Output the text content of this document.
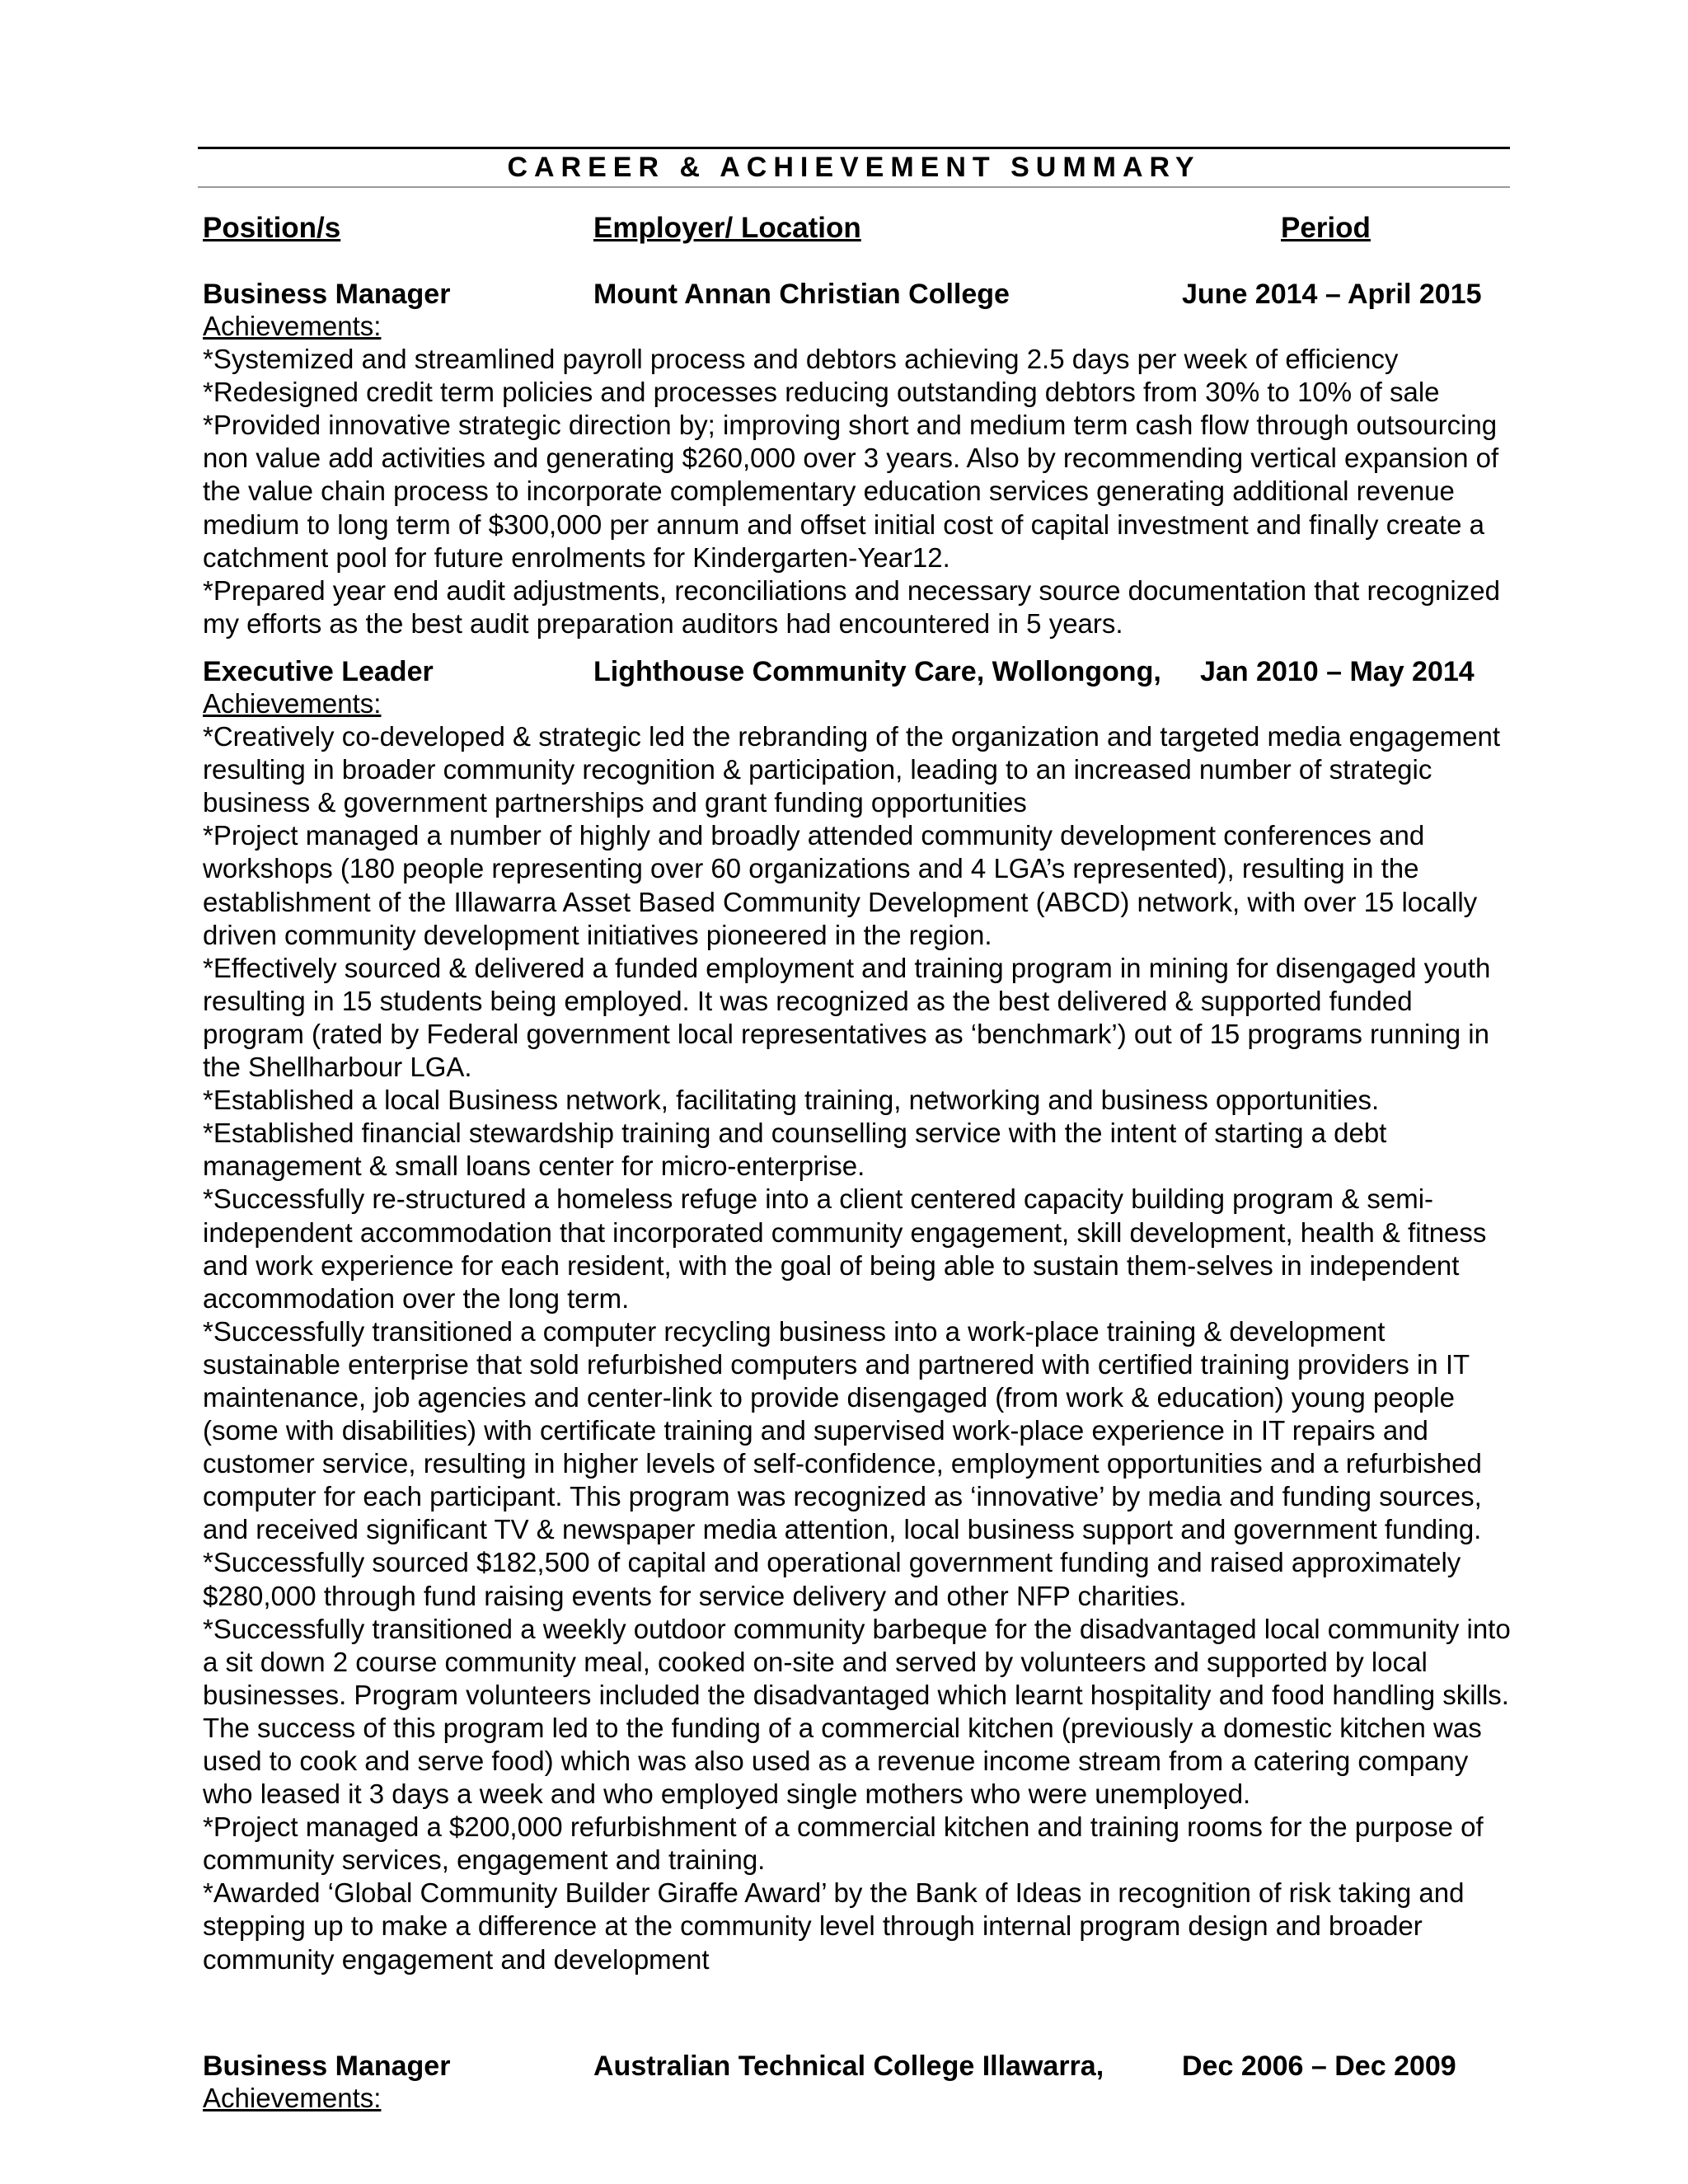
CAREER & ACHIEVEMENT SUMMARY
Position/s	Employer/ Location	Period
Business Manager	Mount Annan Christian College	June 2014 – April 2015
Achievements:

*Systemized and streamlined payroll process and debtors achieving 2.5 days per week of efficiency

*Redesigned credit term policies and processes reducing outstanding debtors from 30% to 10% of sale

*Provided innovative strategic direction by; improving short and medium term cash flow through outsourcing non value add activities and generating $260,000 over 3 years. Also by recommending vertical expansion of the value chain process to incorporate complementary education services generating additional revenue medium to long term of $300,000 per annum and offset initial cost of capital investment and finally create a catchment pool for future enrolments for Kindergarten-Year12.

*Prepared year end audit adjustments, reconciliations and necessary source documentation that recognized my efforts as the best audit preparation auditors had encountered in 5 years.

Executive Leader	Lighthouse Community Care, Wollongong, Jan 2010 – May 2014
Achievements:

*Creatively co-developed & strategic led the rebranding of the organization and targeted media engagement resulting in broader community recognition & participation, leading to an increased number of strategic business & government partnerships and grant funding opportunities

*Project managed a number of highly and broadly attended community development conferences and workshops (180 people representing over 60 organizations and 4 LGA’s represented), resulting in the establishment of the Illawarra Asset Based Community Development (ABCD) network, with over 15 locally driven community development initiatives pioneered in the region.

*Effectively sourced & delivered a funded employment and training program in mining for disengaged youth resulting in 15 students being employed. It was recognized as the best delivered & supported funded program (rated by Federal government local representatives as ‘benchmark’) out of 15 programs running in the Shellharbour LGA.

*Established a local Business network, facilitating training, networking and business opportunities.

*Established financial stewardship training and counselling service with the intent of starting a debt management & small loans center for micro-enterprise.

*Successfully re-structured a homeless refuge into a client centered capacity building program & semi-independent accommodation that incorporated community engagement, skill development, health & fitness and work experience for each resident, with the goal of being able to sustain them-selves in independent accommodation over the long term.

*Successfully transitioned a computer recycling business into a work-place training & development sustainable enterprise that sold refurbished computers and partnered with certified training providers in IT maintenance, job agencies and center-link to provide disengaged (from work & education) young people (some with disabilities) with certificate training and supervised work-place experience in IT repairs and customer service, resulting in higher levels of self-confidence, employment opportunities and a refurbished computer for each participant. This program was recognized as ‘innovative’ by media and funding sources, and received significant TV & newspaper media attention, local business support and government funding.

*Successfully sourced $182,500 of capital and operational government funding and raised approximately $280,000 through fund raising events for service delivery and other NFP charities.

*Successfully transitioned a weekly outdoor community barbeque for the disadvantaged local community into a sit down 2 course community meal, cooked on-site and served by volunteers and supported by local businesses. Program volunteers included the disadvantaged which learnt hospitality and food handling skills. The success of this program led to the funding of a commercial kitchen (previously a domestic kitchen was used to cook and serve food) which was also used as a revenue income stream from a catering company who leased it 3 days a week and who employed single mothers who were unemployed.

*Project managed a $200,000 refurbishment of a commercial kitchen and training rooms for the purpose of community services, engagement and training.

*Awarded ‘Global Community Builder Giraffe Award’ by the Bank of Ideas in recognition of risk taking and stepping up to make a difference at the community level through internal program design and broader community engagement and development

Business Manager	Australian Technical College Illawarra,	Dec 2006 – Dec 2009
Achievements:
